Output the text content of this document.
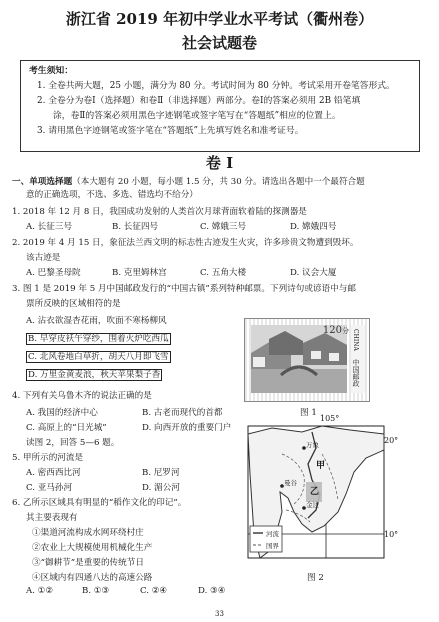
浙江省 2019 年初中学业水平考试（衢州卷）
社会试题卷
考生须知：
1. 全卷共两大题，25 小题，满分为 80 分。考试时间为 80 分钟。考试采用开卷笔答形式。
2. 全卷分为卷Ⅰ（选择题）和卷Ⅱ（非选择题）两部分。卷Ⅰ的答案必须用 2B 铅笔填
涂，卷Ⅱ的答案必须用黑色字迹钢笔或签字笔写在“答题纸”相应的位置上。
3. 请用黑色字迹钢笔或签字笔在“答题纸”上先填写姓名和准考证号。
卷 Ⅰ
一、单项选择题（本大题有 20 小题，每小题 1.5 分，共 30 分。请选出各题中一个最符合题
意的正确选项，不选、多选、错选均不给分）
1. 2018 年 12 月 8 日，我国成功发射的人类首次月球背面软着陆的探测器是
A. 长征三号	B. 长征四号	C. 嫦娥三号	D. 嫦娥四号
2. 2019 年 4 月 15 日，象征法兰西文明的标志性古迹发生火灾，许多珍贵文物遭到毁坏。
该古迹是
A. 巴黎圣母院	B. 克里姆林宫	C. 五角大楼	D. 议会大厦
3. 图 1 是 2019 年 5 月中国邮政发行的“中国古镇”系列特种邮票。下列诗句或谚语中与邮
票所反映的区域相符的是
A. 沾衣欲湿杏花雨，吹面不寒杨柳风
B. 早穿皮袄午穿纱，围着火炉吃西瓜
C. 北风卷地白草折，胡天八月即飞雪
D. 万里金黄麦浪，秋天苹果梨子香
120分 CHINA
中国邮政
图 1
4. 下列有关乌鲁木齐的说法正确的是
A. 我国的经济中心	B. 古老而现代的首都
C. 高原上的“日光城”	D. 向西开放的重要门户
读图 2，回答 5—6 题。
5. 甲所示的河流是
A. 密西西比河	B. 尼罗河
C. 亚马孙河	D. 湄公河
6. 乙所示区域具有明显的“稻作文化的印记”。
其主要表现有
①渠道河流构成水网环绕村庄
②农业上大规模使用机械化生产
③“御耕节”是重要的传统节日
④区域内有四通八达的高速公路
A. ①②	B. ①③	C. ②④	D. ③④
105°
20°
10°
万象
曼谷
金边
甲
乙
河流
国界
图 2
33
